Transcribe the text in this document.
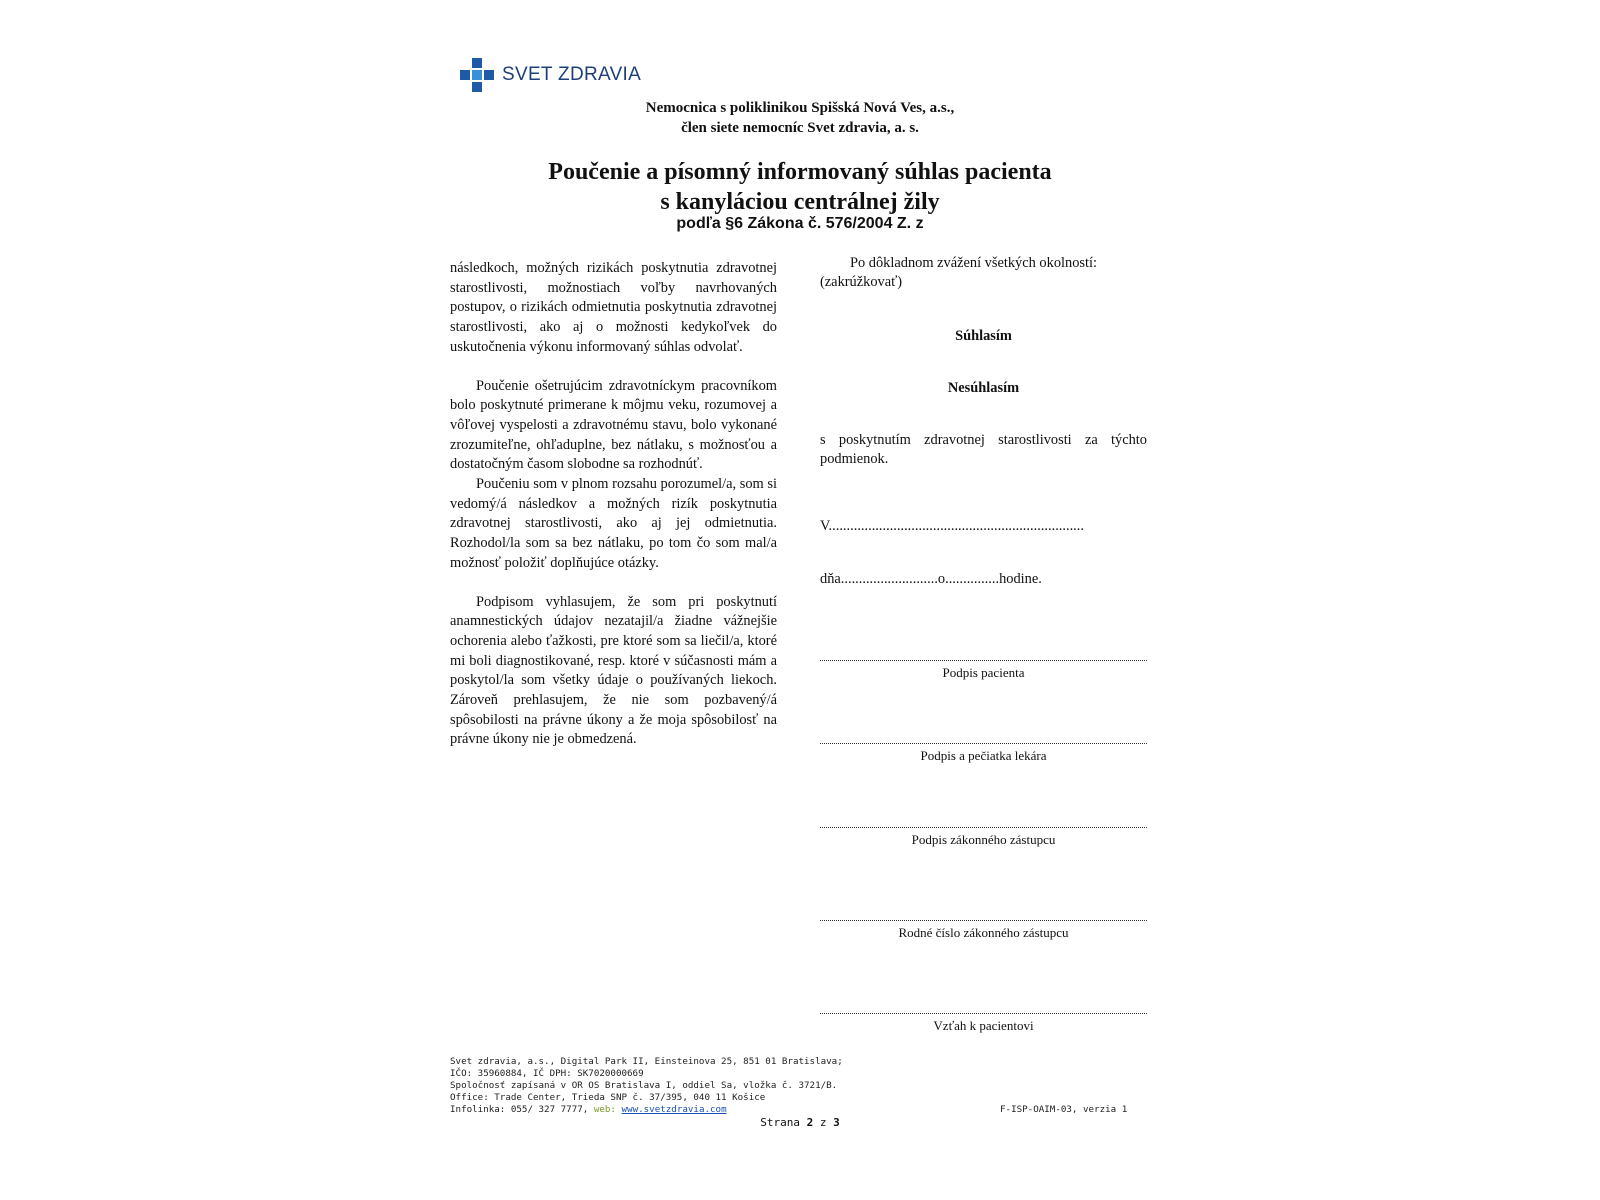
SVET ZDRAVIA
Nemocnica s poliklinikou Spišská Nová Ves, a.s.,
člen siete nemocníc Svet zdravia, a. s.
Poučenie a písomný informovaný súhlas pacienta
s kanyláciou centrálnej žily
podľa §6 Zákona č. 576/2004 Z. z

následkoch, možných rizikách poskytnutia zdravotnej starostlivosti, možnostiach voľby navrhovaných postupov, o rizikách odmietnutia poskytnutia zdravotnej starostlivosti, ako aj o možnosti kedykoľvek do uskutočnenia výkonu informovaný súhlas odvolať.

Poučenie ošetrujúcim zdravotníckym pracovníkom bolo poskytnuté primerane k môjmu veku, rozumovej a vôľovej vyspelosti a zdravotnému stavu, bolo vykonané zrozumiteľne, ohľaduplne, bez nátlaku, s možnosťou a dostatočným časom slobodne sa rozhodnúť.

Poučeniu som v plnom rozsahu porozumel/a, som si vedomý/á následkov a možných rizík poskytnutia zdravotnej starostlivosti, ako aj jej odmietnutia. Rozhodol/la som sa bez nátlaku, po tom čo som mal/a možnosť položiť doplňujúce otázky.

Podpisom vyhlasujem, že som pri poskytnutí anamnestických údajov nezatajil/a žiadne vážnejšie ochorenia alebo ťažkosti, pre ktoré som sa liečil/a, ktoré mi boli diagnostikované, resp. ktoré v súčasnosti mám a poskytol/la som všetky údaje o používaných liekoch. Zároveň prehlasujem, že nie som pozbavený/á spôsobilosti na právne úkony a že moja spôsobilosť na právne úkony nie je obmedzená.

Po dôkladnom zvážení všetkých okolností: (zakrúžkovať)
Súhlasím
Nesúhlasím
s poskytnutím zdravotnej starostlivosti za týchto podmienok.
V.......................................................................
dňa...........................o...............hodine.
Podpis pacienta
Podpis a pečiatka lekára
Podpis zákonného zástupcu
Rodné číslo zákonného zástupcu
Vzťah k pacientovi
Svet zdravia, a.s., Digital Park II, Einsteinova 25, 851 01 Bratislava;
IČO: 35960884, IČ DPH: SK7020000669
Spoločnosť zapísaná v OR OS Bratislava I, oddiel Sa, vložka č. 3721/B.
Office: Trade Center, Trieda SNP č. 37/395, 040 11 Košice
Infolinka: 055/ 327 7777, web: www.svetzdravia.com	F-ISP-OAIM-03, verzia 1
Strana 2 z 3
